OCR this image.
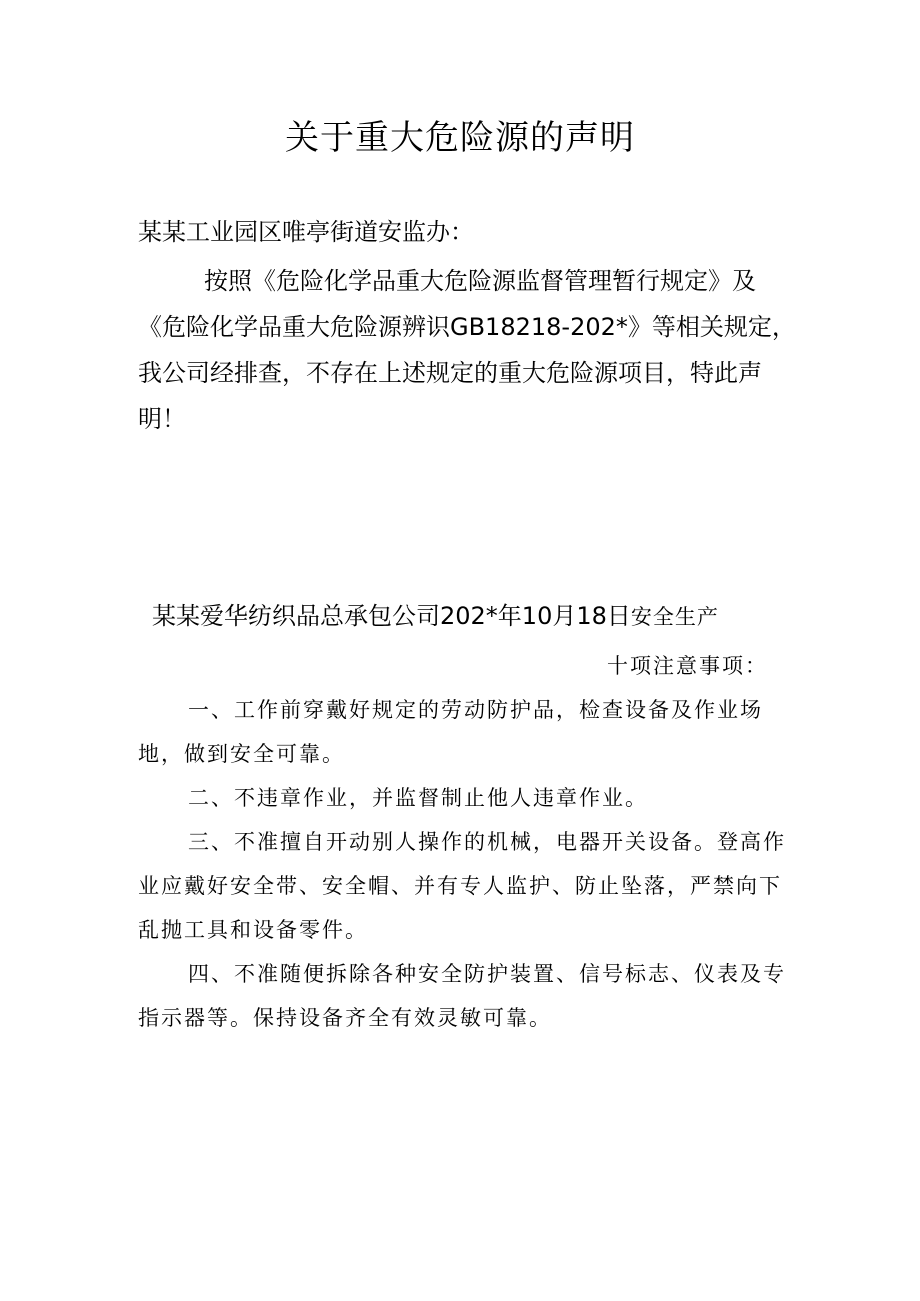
关于重大危险源的声明

某某工业园区唯亭街道安监办：

按照《危险化学品重大危险源监督管理暂行规定》及《危险化学品重大危险源辨识GB18218-202*》等相关规定，我公司经排查，不存在上述规定的重大危险源项目，特此声明！

某某爱华纺织品总承包公司202*年10月18日安全生产

十项注意事项：

一、工作前穿戴好规定的劳动防护品，检查设备及作业场地，做到安全可靠。

二、不违章作业，并监督制止他人违章作业。

三、不准擅自开动别人操作的机械，电器开关设备。登高作业应戴好安全带、安全帽、并有专人监护、防止坠落，严禁向下乱抛工具和设备零件。

四、不准随便拆除各种安全防护装置、信号标志、仪表及专指示器等。保持设备齐全有效灵敏可靠。
